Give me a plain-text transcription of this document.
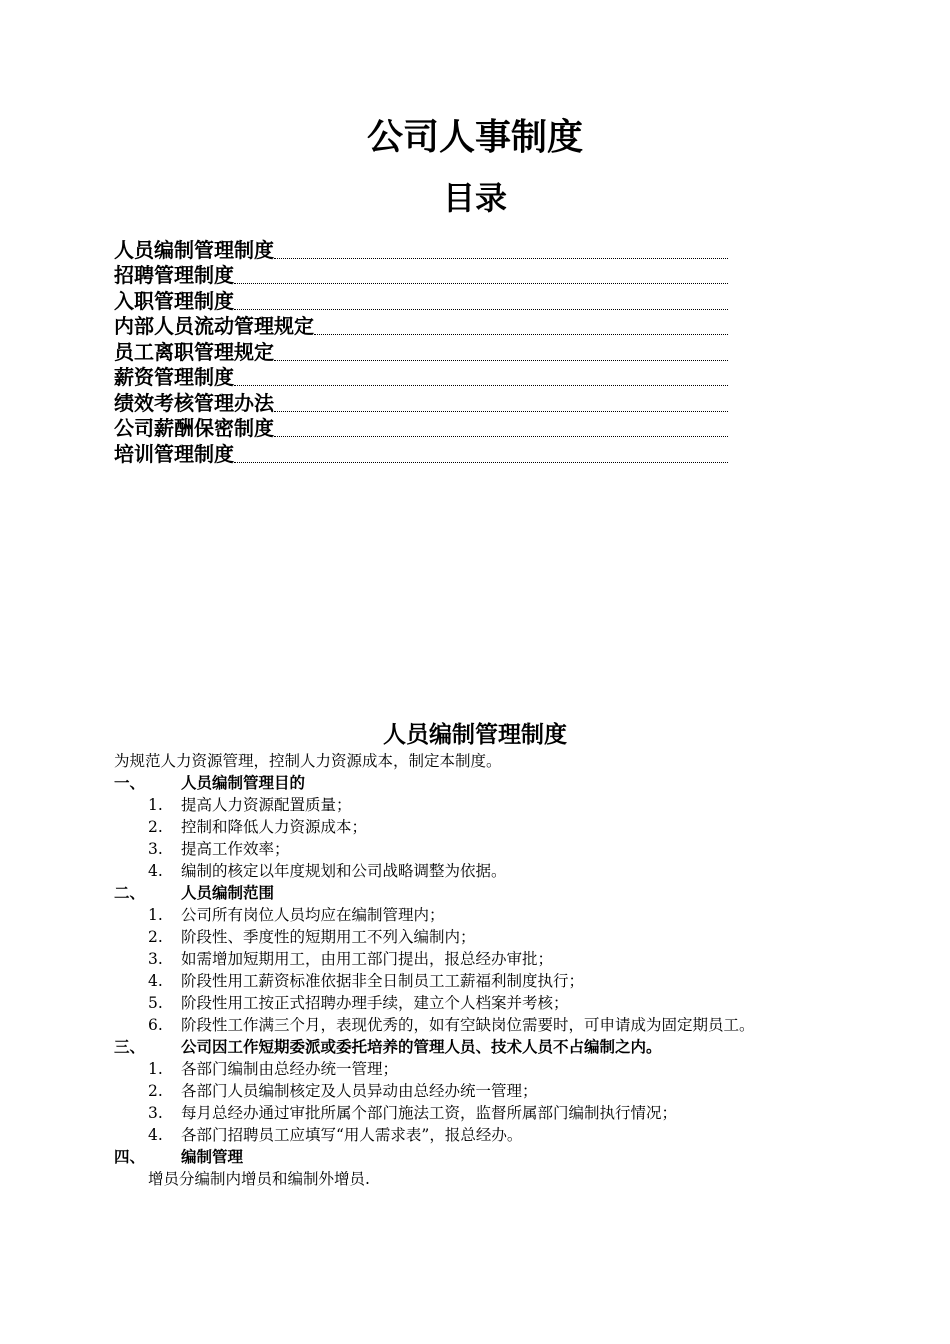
公司人事制度
目录
人员编制管理制度
招聘管理制度
入职管理制度
内部人员流动管理规定
员工离职管理规定
薪资管理制度
绩效考核管理办法
公司薪酬保密制度
培训管理制度
人员编制管理制度
为规范人力资源管理，控制人力资源成本，制定本制度。
一、	人员编制管理目的
1.	提高人力资源配置质量；
2.	控制和降低人力资源成本；
3.	提高工作效率；
4.	编制的核定以年度规划和公司战略调整为依据。
二、	人员编制范围
1.	公司所有岗位人员均应在编制管理内；
2.	阶段性、季度性的短期用工不列入编制内；
3.	如需增加短期用工，由用工部门提出，报总经办审批；
4.	阶段性用工薪资标准依据非全日制员工工薪福利制度执行；
5.	阶段性用工按正式招聘办理手续，建立个人档案并考核；
6.	阶段性工作满三个月，表现优秀的，如有空缺岗位需要时，可申请成为固定期员工。
三、	公司因工作短期委派或委托培养的管理人员、技术人员不占编制之内。
1.	各部门编制由总经办统一管理；
2.	各部门人员编制核定及人员异动由总经办统一管理；
3.	每月总经办通过审批所属个部门施法工资，监督所属部门编制执行情况；
4.	各部门招聘员工应填写“用人需求表”，报总经办。
四、	编制管理
增员分编制内增员和编制外增员.
